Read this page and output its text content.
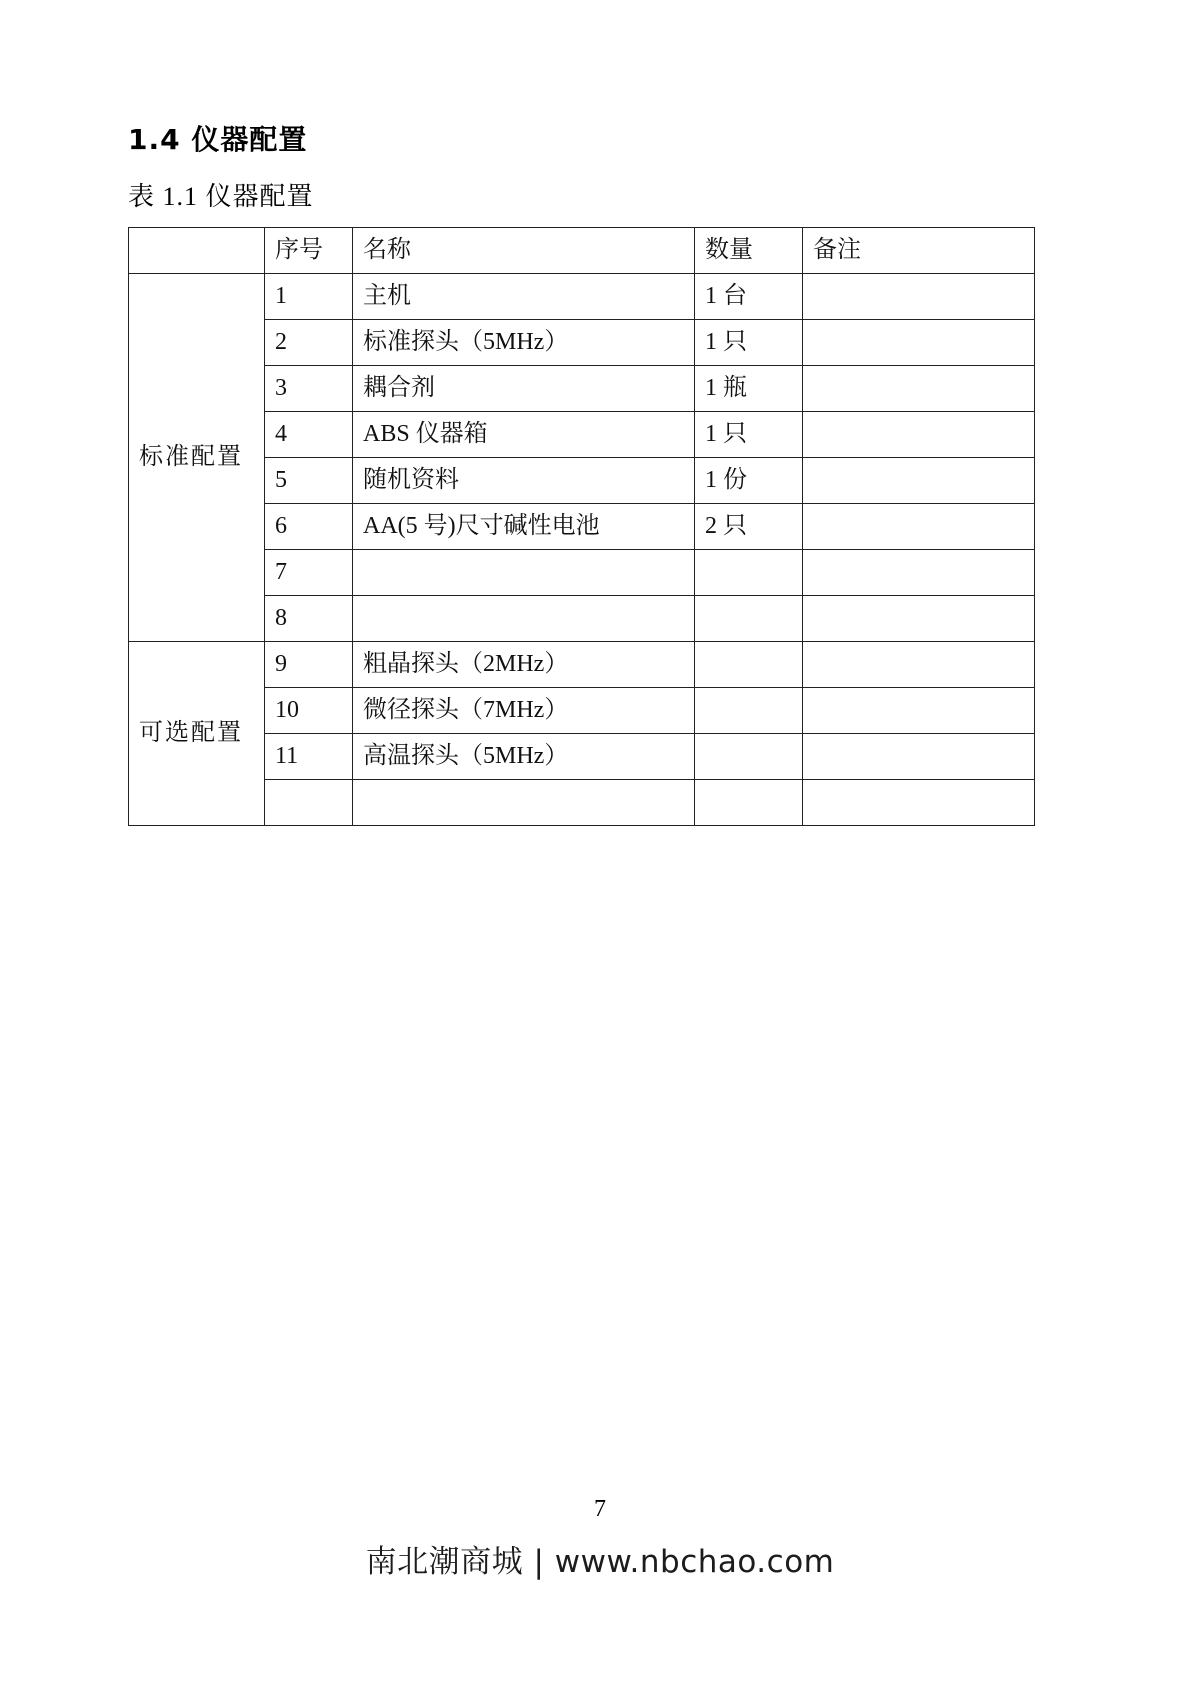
1.4 仪器配置
表 1.1 仪器配置
	序号	名称	数量	备注
标准配置	1	主机	1 台	
	2	标准探头（5MHz）	1 只	
	3	耦合剂	1 瓶	
	4	ABS 仪器箱	1 只	
	5	随机资料	1 份	
	6	AA(5 号)尺寸碱性电池	2 只	
	7			
	8			
可选配置	9	粗晶探头（2MHz）		
	10	微径探头（7MHz）		
	11	高温探头（5MHz）		

7
南北潮商城 | www.nbchao.com
